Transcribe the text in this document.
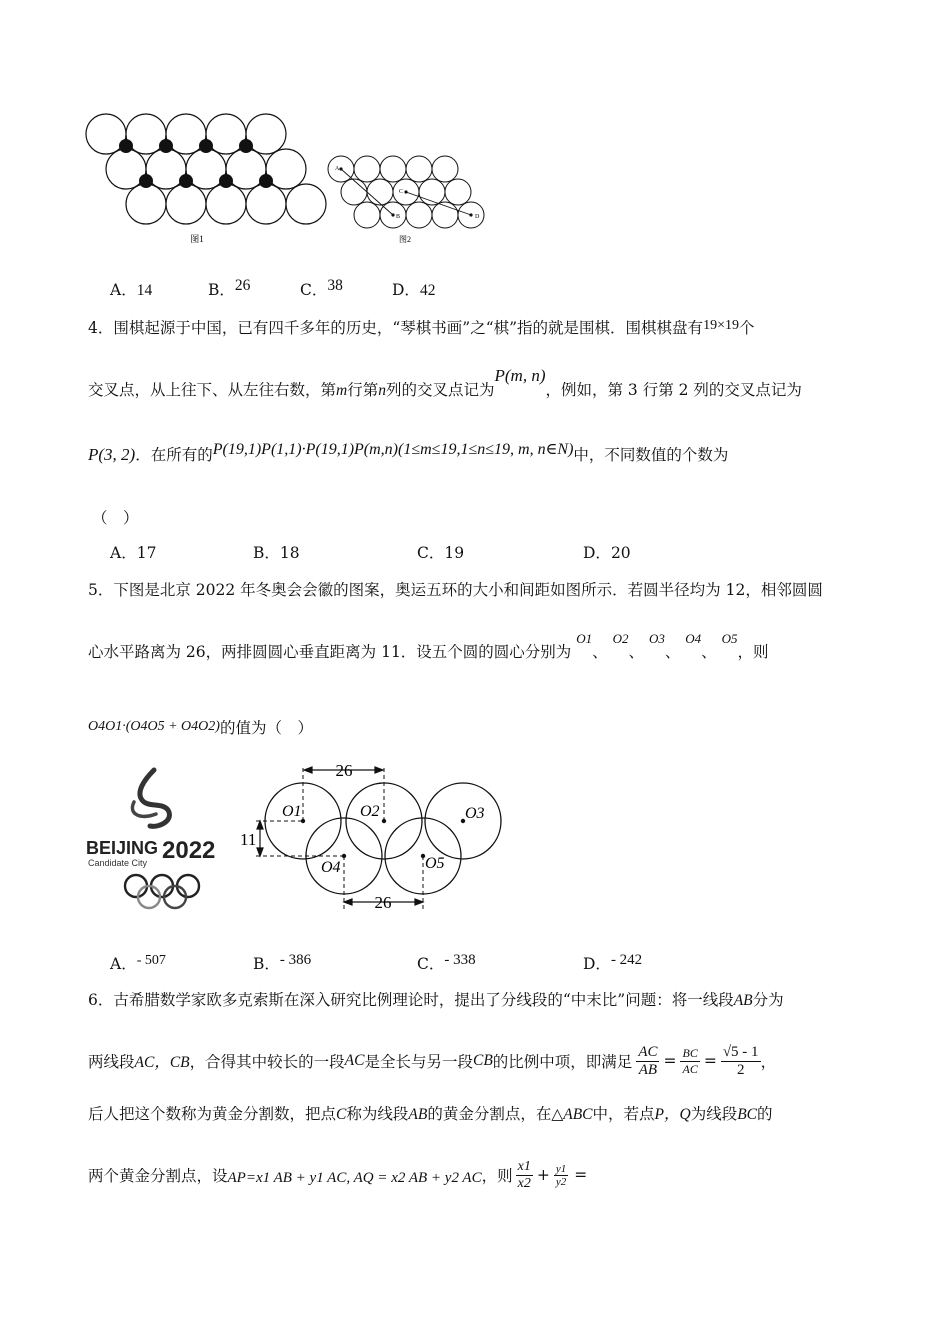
图1
A
B
C
D
图2
A．14	B．26	C．38	D．42
4．围棋起源于中国，已有四千多年的历史，“琴棋书画”之“棋”指的就是围棋．围棋棋盘有19×19个
交叉点，从上往下、从左往右数，第m行第n列的交叉点记为P(m, n)，例如，第 3 行第 2 列的交叉点记为
P(3, 2)．在所有的P(19,1)P(1,1)·P(19,1)P(m,n)(1≤m≤19,1≤n≤19, m, n∈N)中，不同数值的个数为
（　）
A．17	B．18	C．19	D．20
5．下图是北京 2022 年冬奥会会徽的图案，奥运五环的大小和间距如图所示．若圆半径均为 12，相邻圆圆
心水平路离为 26，两排圆圆心垂直距离为 11．设五个圆的圆心分别为 $^{O1}$、 $^{O2}$、 $^{O3}$、 $^{O4}$、 $^{O5}$，则
O4O1·(O4O5 + O4O2)的值为（　）
BEIJING 2022
Candidate City
26
11
26
O1	O2	O3
O4	O5
A．- 507	B．- 386	C．- 338	D．- 242
6．古希腊数学家欧多克索斯在深入研究比例理论时，提出了分线段的“中末比”问题：将一线段AB分为
两线段 AC，CB ，合得其中较长的一段 AC 是全长与另一段 CB 的比例中项，即满足 $\frac{AC}{AB} = \frac{BC}{AC} = \frac{√5 - 1}{2}$ ，
后人把这个数称为黄金分割数，把点C称为线段AB的黄金分割点，在△ABC中，若点P，Q为线段BC的
两个黄金分割点，设 AP=x1 AB + y1 AC, AQ = x2 AB + y2 AC ，则 $\frac{x1}{x2} + \frac{y1}{y2}$ =
